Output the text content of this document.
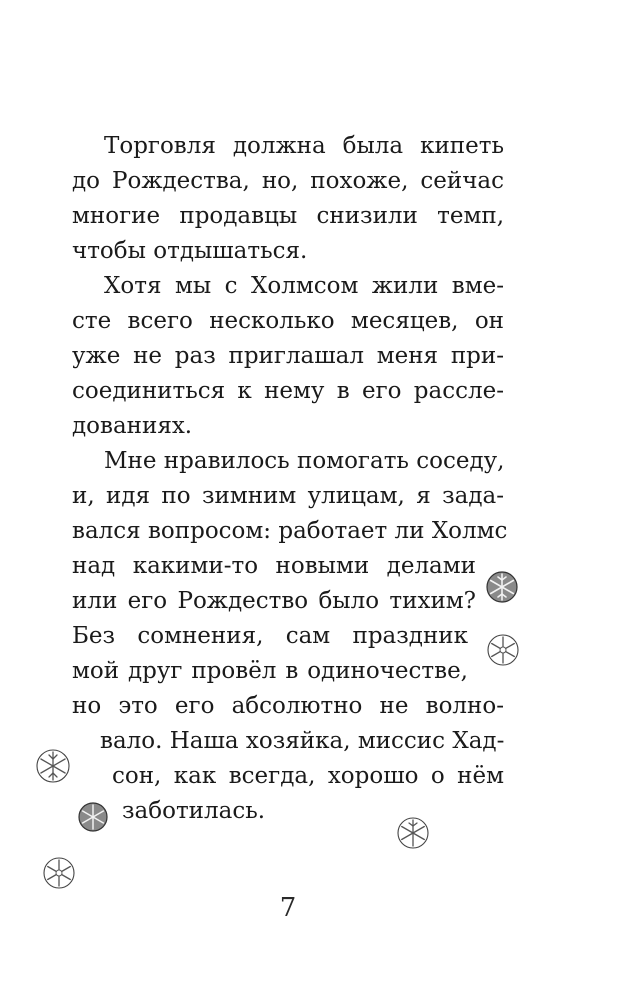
Торговля должна была кипеть
до Рождества, но, похоже, сейчас
многие продавцы снизили темп,
чтобы отдышаться.
Хотя мы с Холмсом жили вме-
сте всего несколько месяцев, он
уже не раз приглашал меня при-
соединиться к нему в его рассле-
дованиях.
Мне нравилось помогать соседу,
и, идя по зимним улицам, я зада-
вался вопросом: работает ли Холмс
над какими-то новыми делами
или его Рождество было тихим?
Без сомнения, сам праздник
мой друг провёл в одиночестве,
но это его абсолютно не волно-
вало. Наша хозяйка, миссис Хад-
сон, как всегда, хорошо о нём
заботилась.
7
